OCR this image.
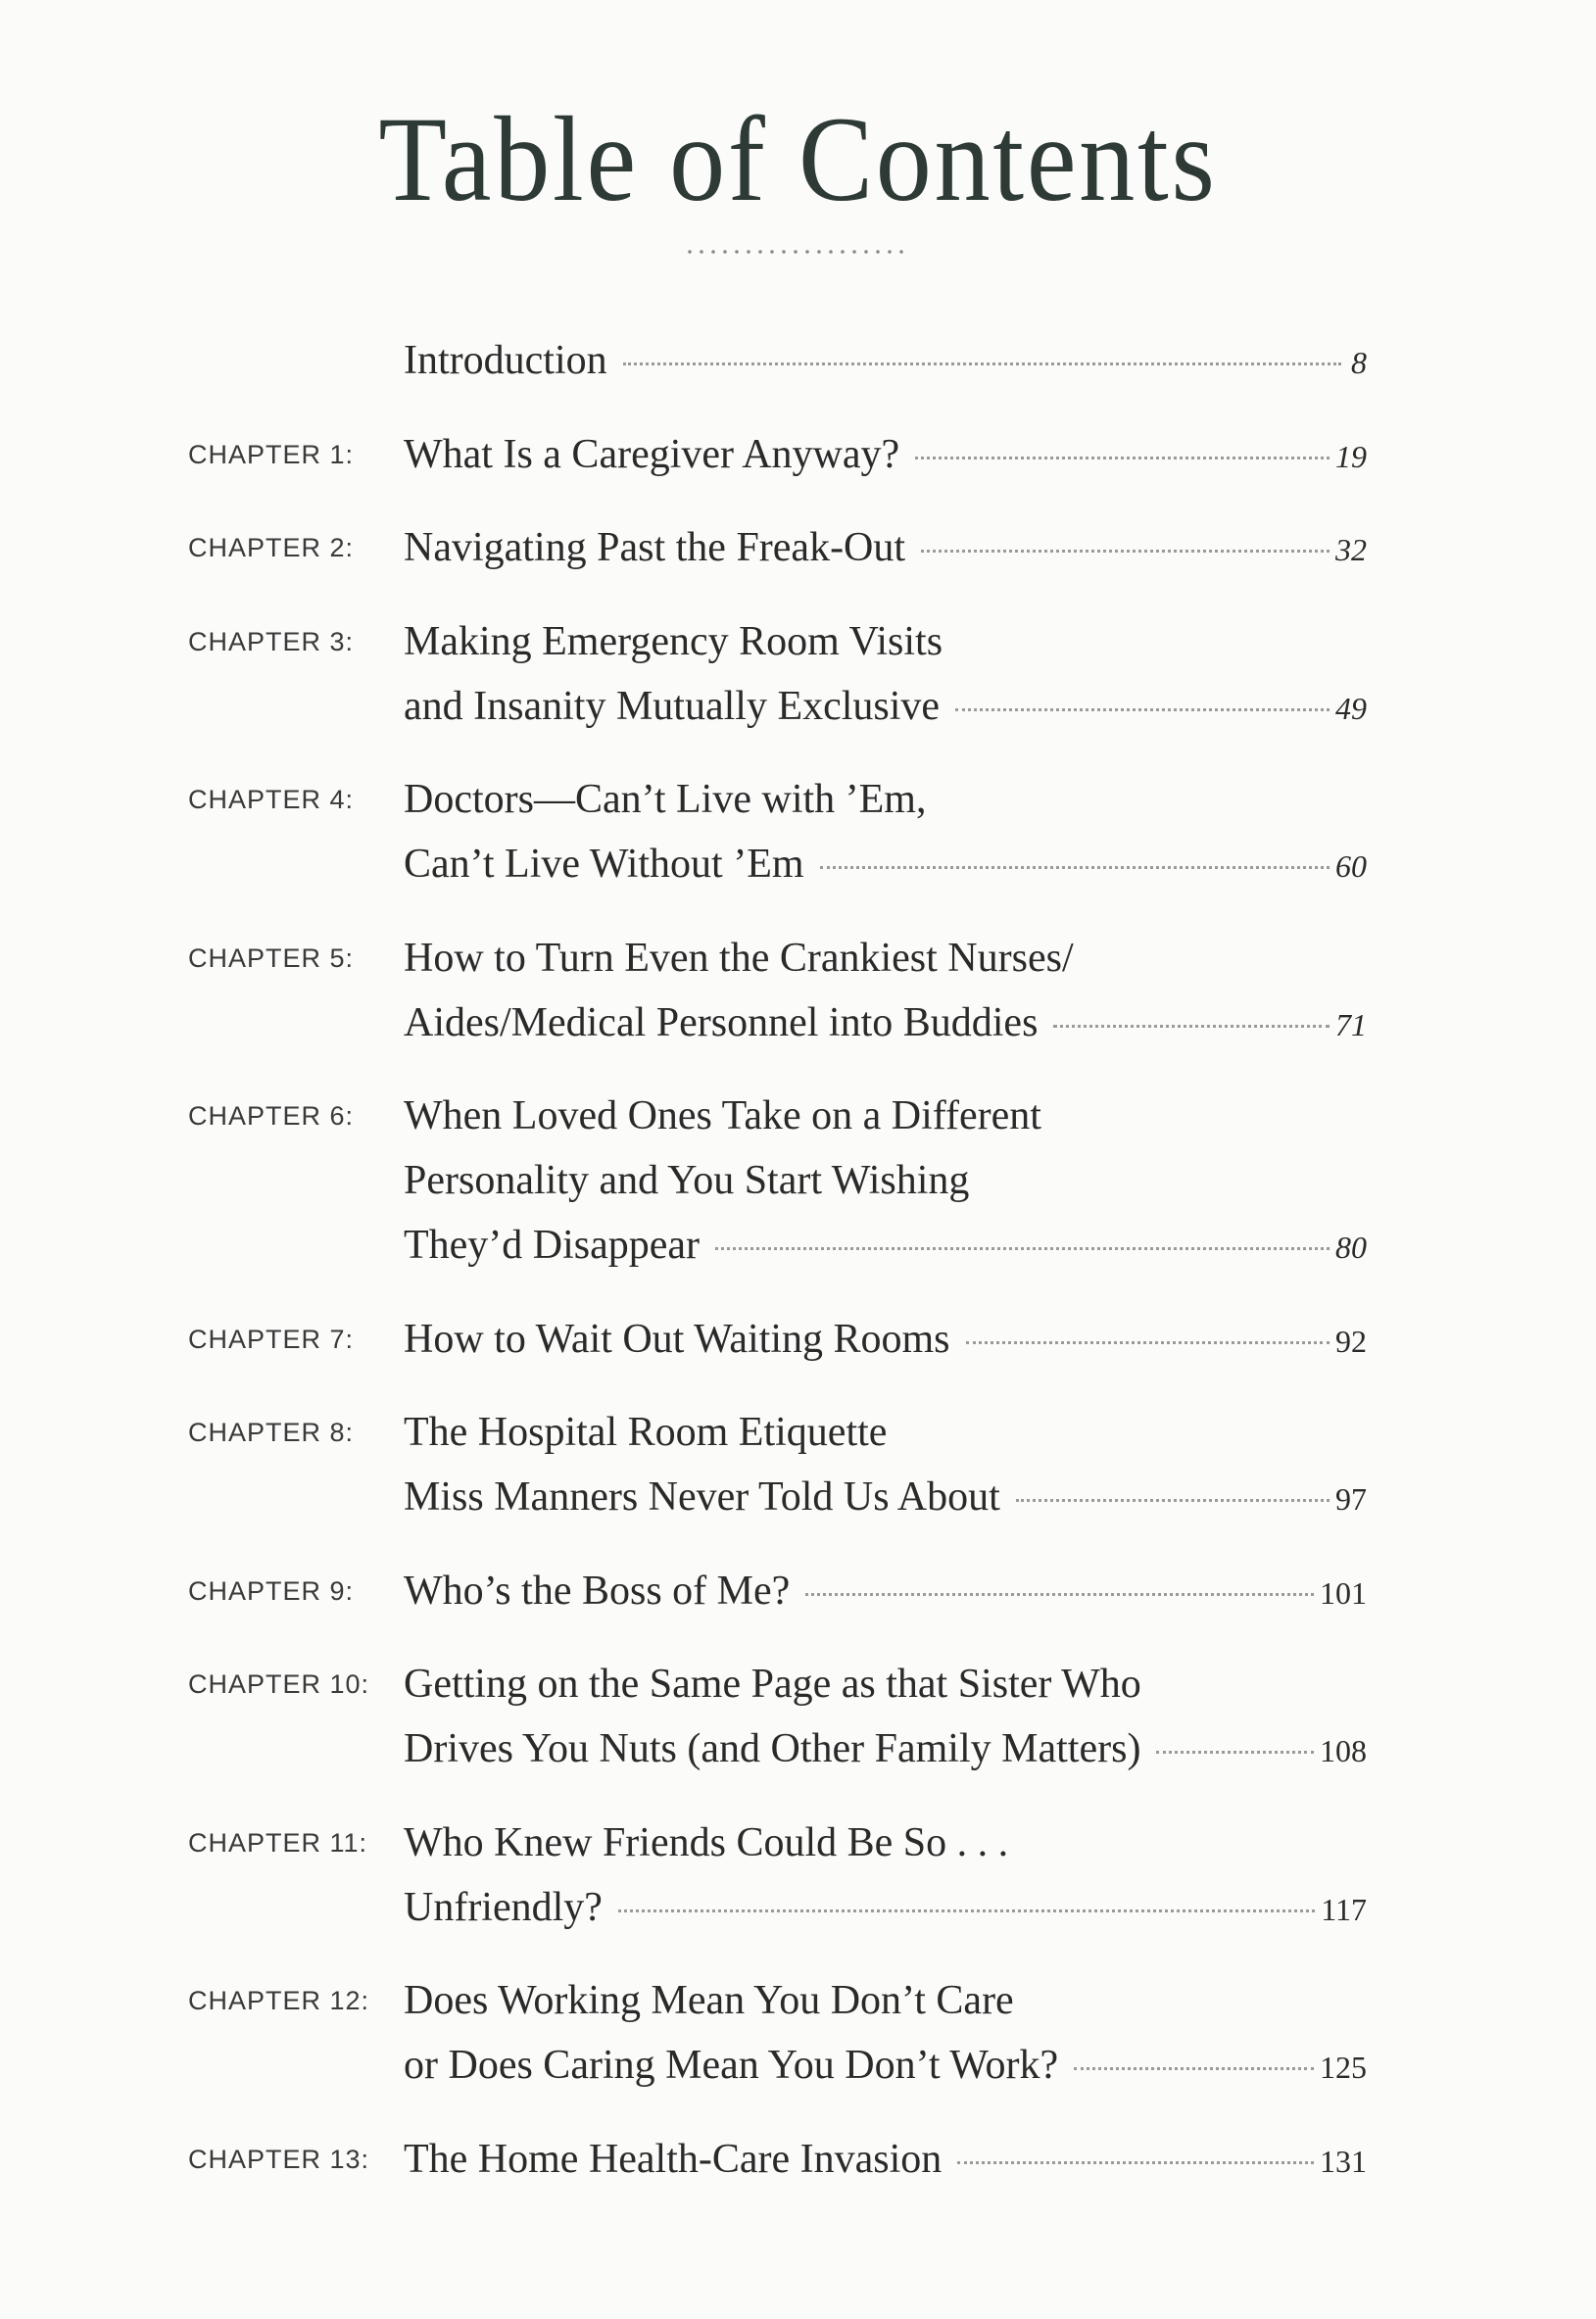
Table of Contents
Introduction	8
CHAPTER 1:	What Is a Caregiver Anyway?	19
CHAPTER 2:	Navigating Past the Freak-Out	32
CHAPTER 3:	Making Emergency Room Visits
and Insanity Mutually Exclusive	49
CHAPTER 4:	Doctors—Can’t Live with ’Em,
Can’t Live Without ’Em	60
CHAPTER 5:	How to Turn Even the Crankiest Nurses/
Aides/Medical Personnel into Buddies	71
CHAPTER 6:	When Loved Ones Take on a Different
Personality and You Start Wishing
They’d Disappear	80
CHAPTER 7:	How to Wait Out Waiting Rooms	92
CHAPTER 8:	The Hospital Room Etiquette
Miss Manners Never Told Us About	97
CHAPTER 9:	Who’s the Boss of Me?	101
CHAPTER 10: Getting on the Same Page as that Sister Who
Drives You Nuts (and Other Family Matters)	108
CHAPTER 11: Who Knew Friends Could Be So . . .
Unfriendly?	117
CHAPTER 12: Does Working Mean You Don’t Care
or Does Caring Mean You Don’t Work?	125
CHAPTER 13: The Home Health-Care Invasion	131
